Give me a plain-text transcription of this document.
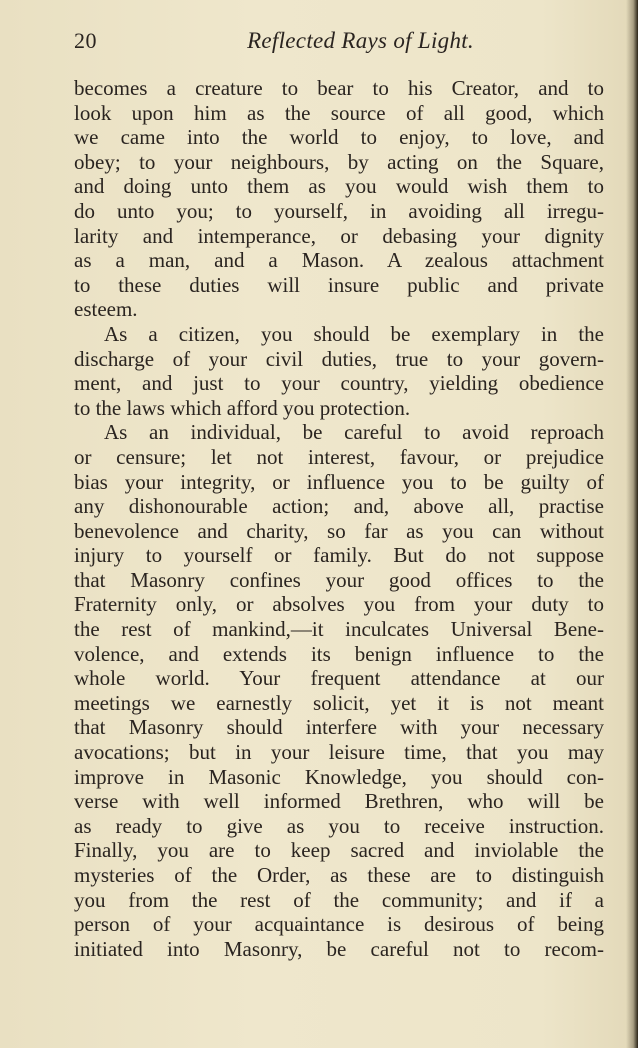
20	Reflected Rays of Light.
becomes a creature to bear to his Creator, and to
look upon him as the source of all good, which
we came into the world to enjoy, to love, and
obey; to your neighbours, by acting on the Square,
and doing unto them as you would wish them to
do unto you; to yourself, in avoiding all irregu-
larity and intemperance, or debasing your dignity
as a man, and a Mason. A zealous attachment
to these duties will insure public and private
esteem.
As a citizen, you should be exemplary in the
discharge of your civil duties, true to your govern-
ment, and just to your country, yielding obedience
to the laws which afford you protection.
As an individual, be careful to avoid reproach
or censure; let not interest, favour, or prejudice
bias your integrity, or influence you to be guilty of
any dishonourable action; and, above all, practise
benevolence and charity, so far as you can without
injury to yourself or family. But do not suppose
that Masonry confines your good offices to the
Fraternity only, or absolves you from your duty to
the rest of mankind,—it inculcates Universal Bene-
volence, and extends its benign influence to the
whole world. Your frequent attendance at our
meetings we earnestly solicit, yet it is not meant
that Masonry should interfere with your necessary
avocations; but in your leisure time, that you may
improve in Masonic Knowledge, you should con-
verse with well informed Brethren, who will be
as ready to give as you to receive instruction.
Finally, you are to keep sacred and inviolable the
mysteries of the Order, as these are to distinguish
you from the rest of the community; and if a
person of your acquaintance is desirous of being
initiated into Masonry, be careful not to recom-
